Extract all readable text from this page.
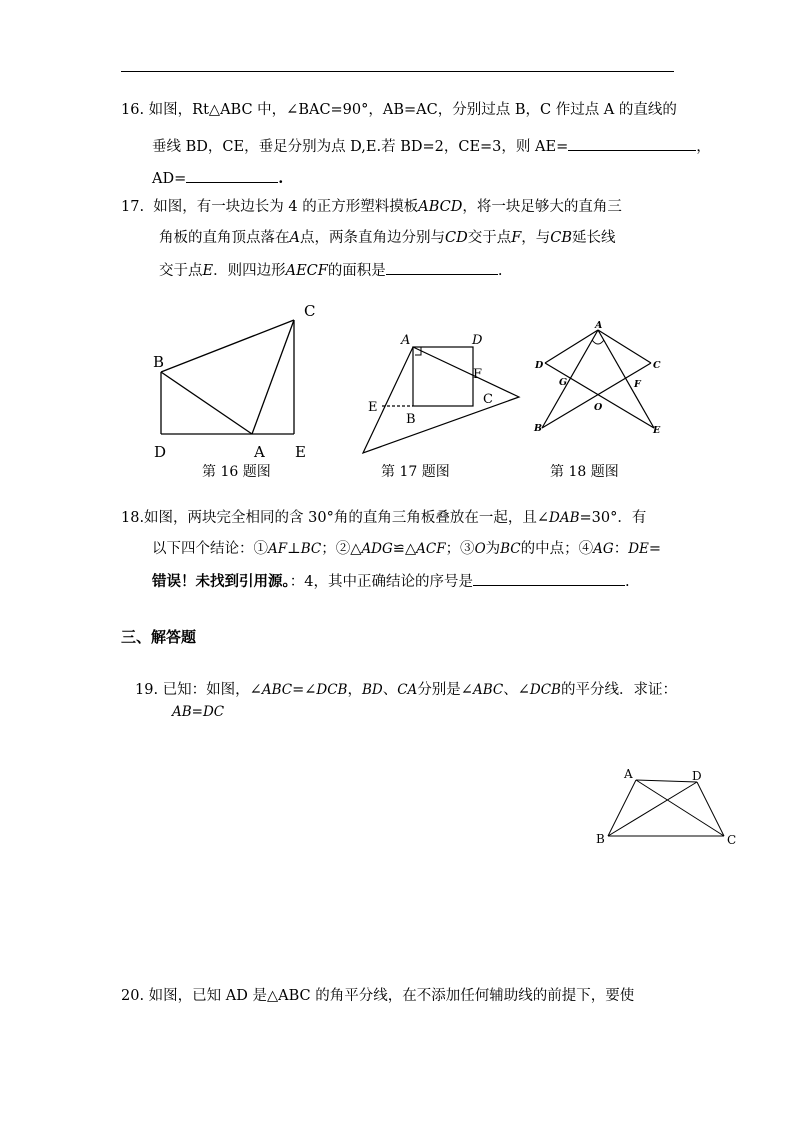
16. 如图，Rt△ABC 中，∠BAC=90°，AB=AC，分别过点 B，C 作过点 A 的直线的
垂线 BD，CE，垂足分别为点 D,E.若 BD=2，CE=3，则 AE=	，
AD=	.
17. 如图，有一块边长为 4 的正方形塑料摸板ABCD，将一块足够大的直角三
角板的直角顶点落在A点，两条直角边分别与CD交于点F，与CB延长线
交于点E．则四边形AECF的面积是	.
B
C
D	A E
第 16 题图
A	D
F
C
E
B
第 17 题图
A
D	C
G	F
O
B	E
第 18 题图
18.如图，两块完全相同的含 30°角的直角三角板叠放在一起，且∠DAB=30°．有
以下四个结论：①AF⊥BC；②△ADG≌△ACF；③O为BC的中点；④AG：DE=
错误！未找到引用源。：4，其中正确结论的序号是	.
三、解答题
19. 已知：如图，∠ABC=∠DCB，BD、CA分别是∠ABC、∠DCB的平分线．求证：
AB=DC
A	D
B	C
20. 如图，已知 AD 是△ABC 的角平分线，在不添加任何辅助线的前提下，要使
